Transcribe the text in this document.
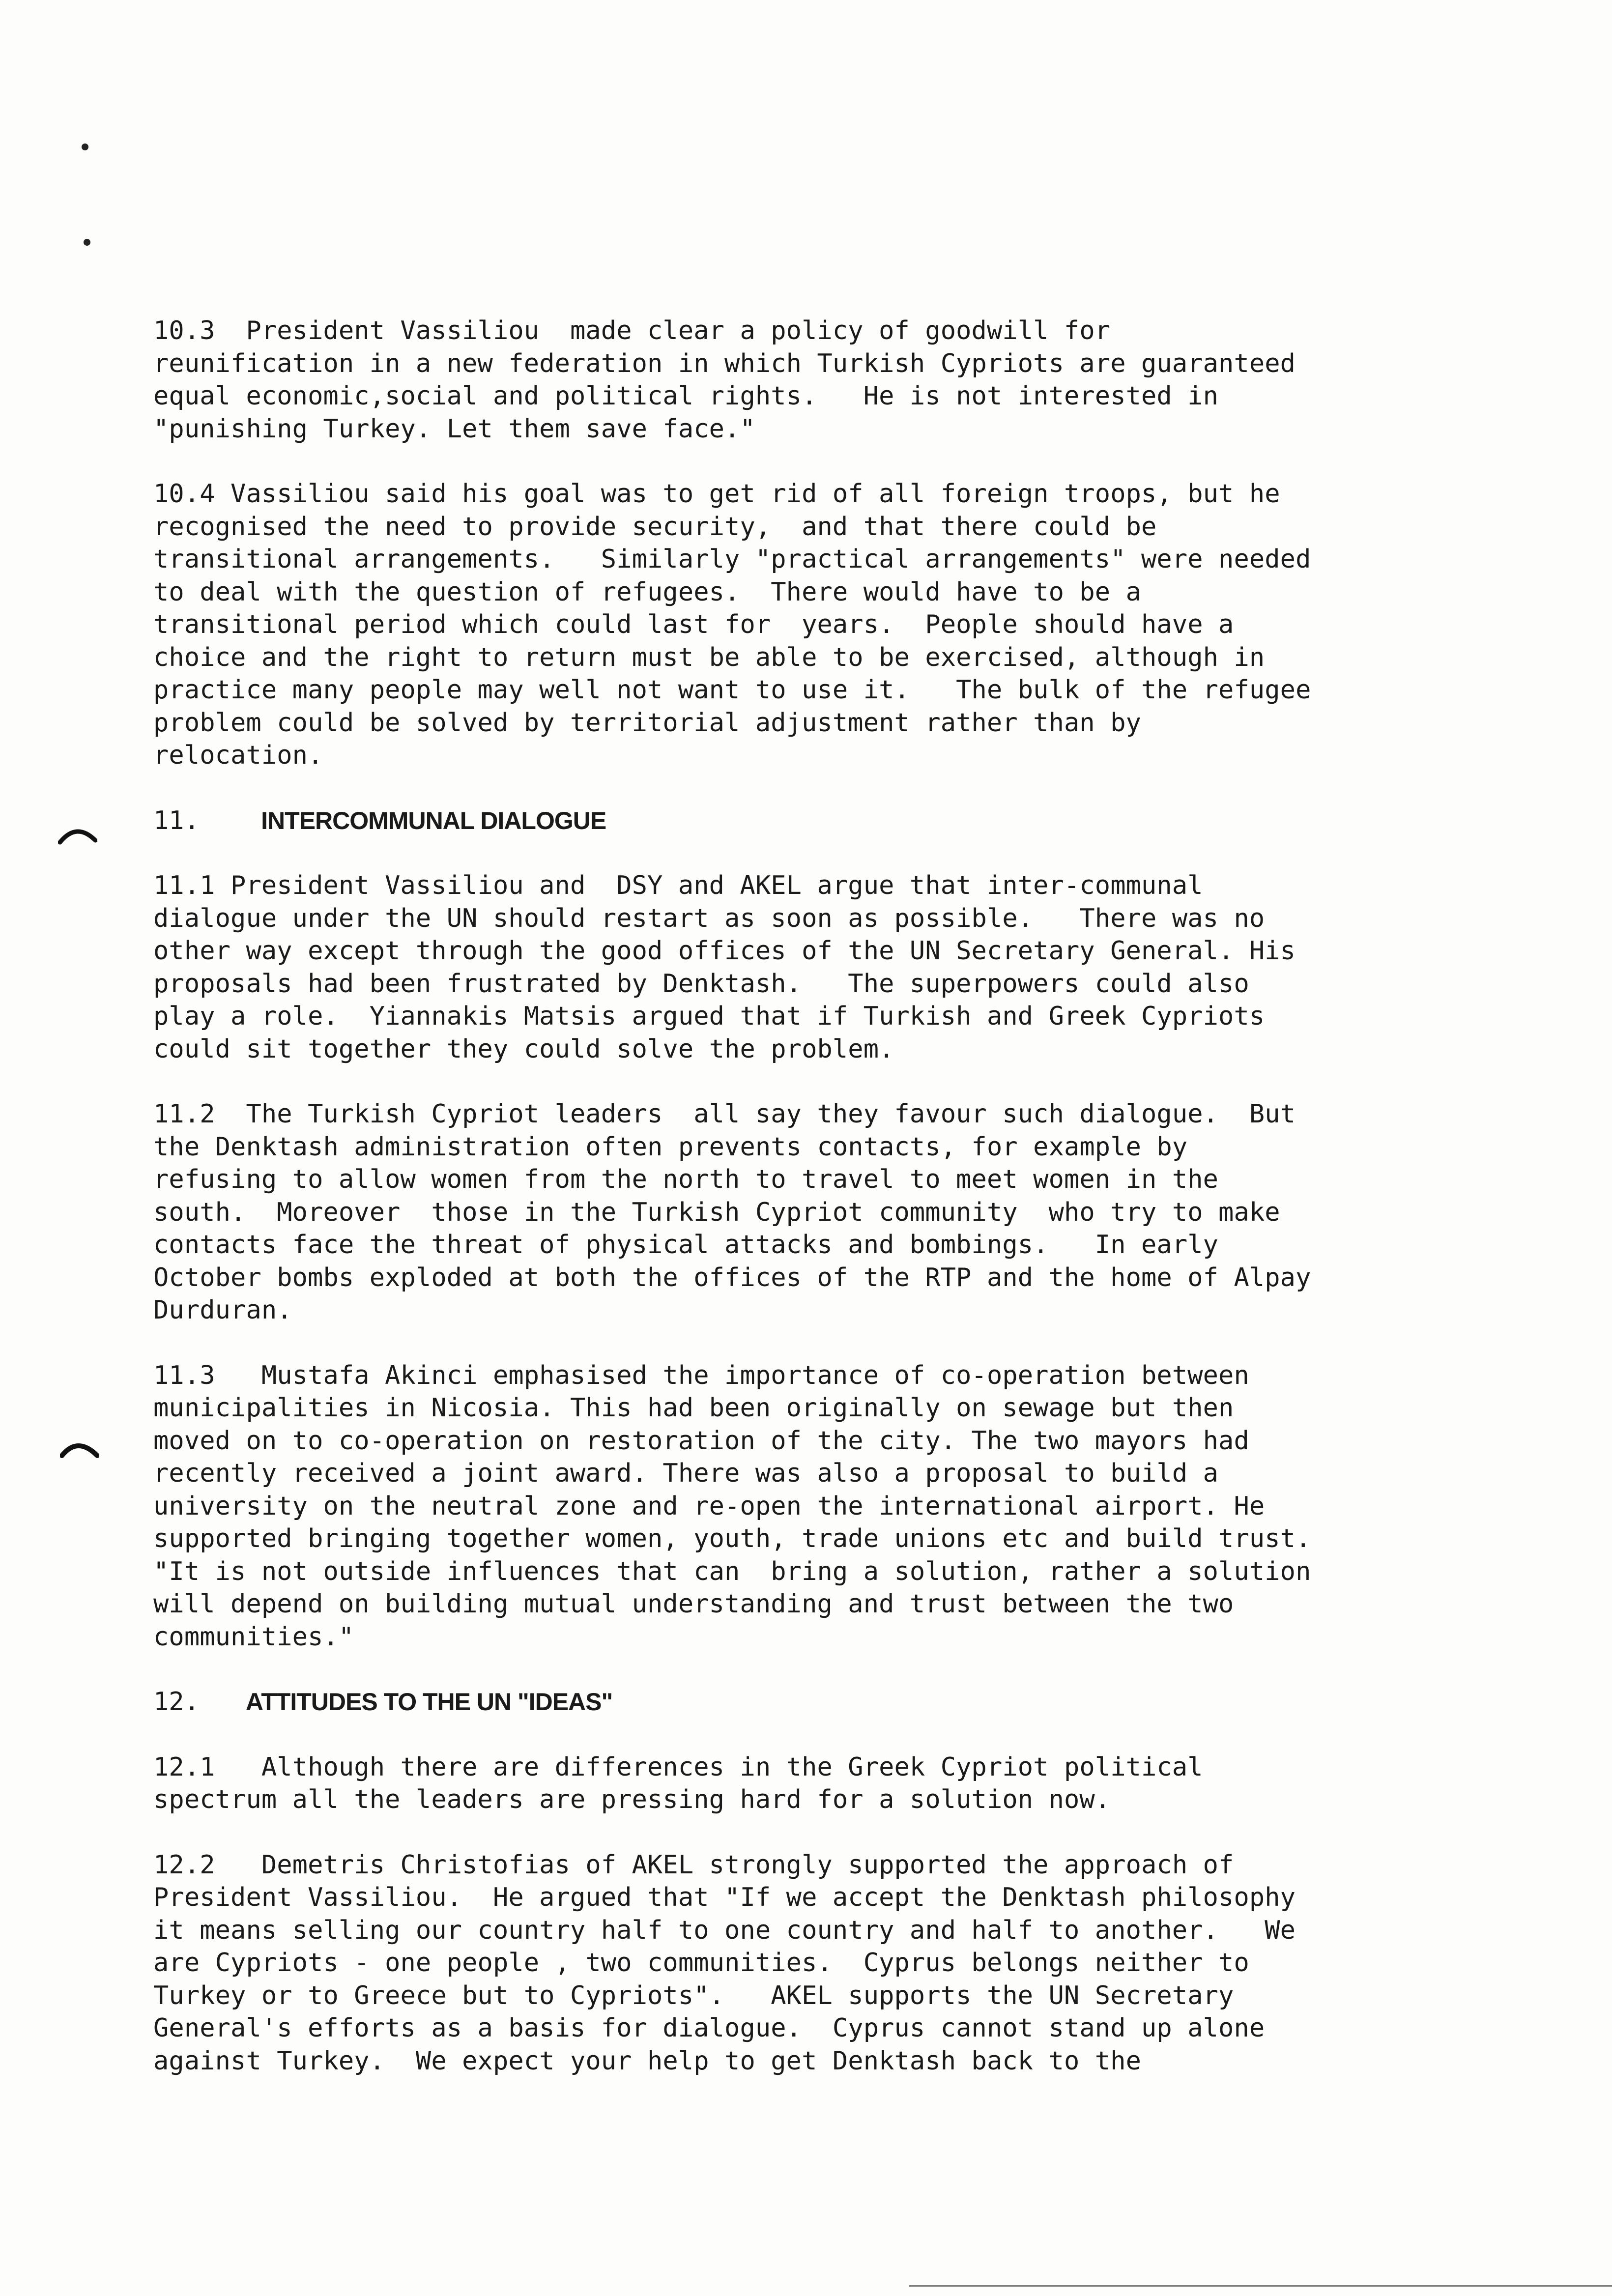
10.3  President Vassiliou  made clear a policy of goodwill for
reunification in a new federation in which Turkish Cypriots are guaranteed
equal economic,social and political rights.   He is not interested in
"punishing Turkey. Let them save face."

10.4 Vassiliou said his goal was to get rid of all foreign troops, but he
recognised the need to provide security,  and that there could be
transitional arrangements.   Similarly "practical arrangements" were needed
to deal with the question of refugees.  There would have to be a
transitional period which could last for  years.  People should have a
choice and the right to return must be able to be exercised, although in
practice many people may well not want to use it.   The bulk of the refugee
problem could be solved by territorial adjustment rather than by
relocation.

11.    INTERCOMMUNAL DIALOGUE

11.1 President Vassiliou and  DSY and AKEL argue that inter-communal
dialogue under the UN should restart as soon as possible.   There was no
other way except through the good offices of the UN Secretary General. His
proposals had been frustrated by Denktash.   The superpowers could also
play a role.  Yiannakis Matsis argued that if Turkish and Greek Cypriots
could sit together they could solve the problem.

11.2  The Turkish Cypriot leaders  all say they favour such dialogue.  But
the Denktash administration often prevents contacts, for example by
refusing to allow women from the north to travel to meet women in the
south.  Moreover  those in the Turkish Cypriot community  who try to make
contacts face the threat of physical attacks and bombings.   In early
October bombs exploded at both the offices of the RTP and the home of Alpay
Durduran.

11.3   Mustafa Akinci emphasised the importance of co-operation between
municipalities in Nicosia. This had been originally on sewage but then
moved on to co-operation on restoration of the city. The two mayors had
recently received a joint award. There was also a proposal to build a
university on the neutral zone and re-open the international airport. He
supported bringing together women, youth, trade unions etc and build trust.
"It is not outside influences that can  bring a solution, rather a solution
will depend on building mutual understanding and trust between the two
communities."

12.   ATTITUDES TO THE UN "IDEAS"

12.1   Although there are differences in the Greek Cypriot political
spectrum all the leaders are pressing hard for a solution now.

12.2   Demetris Christofias of AKEL strongly supported the approach of
President Vassiliou.  He argued that "If we accept the Denktash philosophy
it means selling our country half to one country and half to another.   We
are Cypriots - one people , two communities.  Cyprus belongs neither to
Turkey or to Greece but to Cypriots".   AKEL supports the UN Secretary
General's efforts as a basis for dialogue.  Cyprus cannot stand up alone
against Turkey.  We expect your help to get Denktash back to the
